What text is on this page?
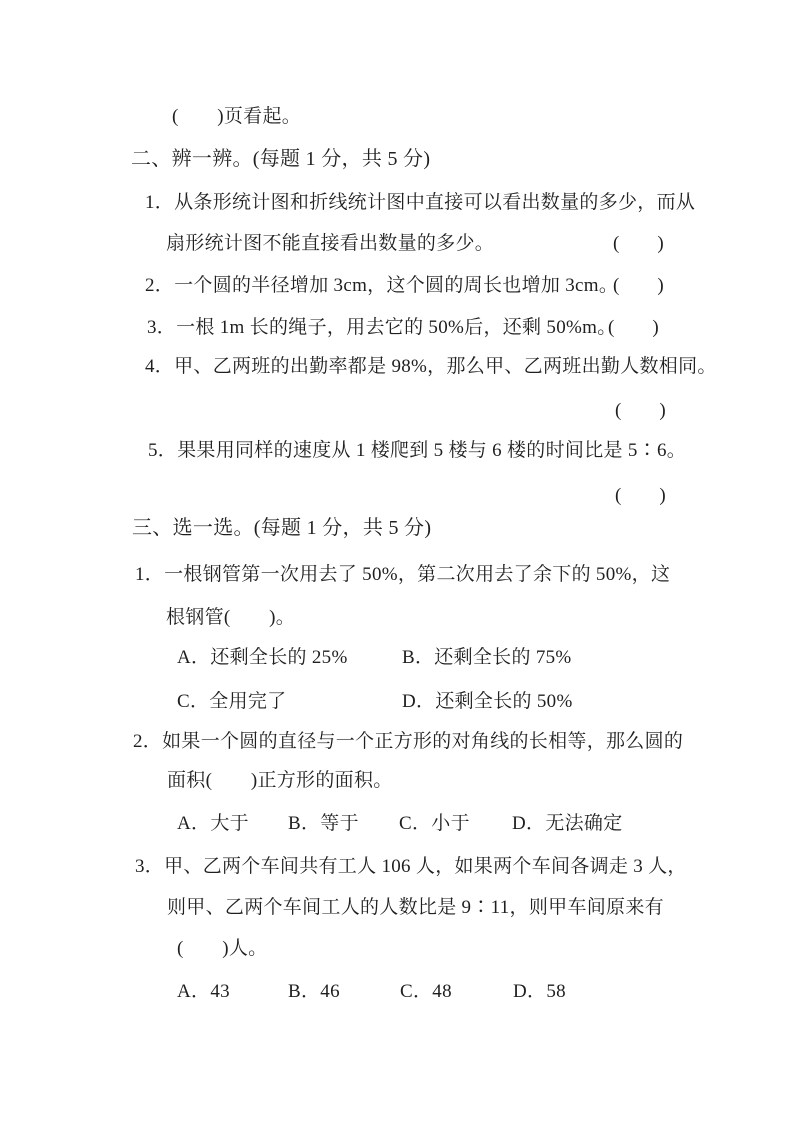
(　　)页看起。
二、辨一辨。(每题 1 分，共 5 分)
1．从条形统计图和折线统计图中直接可以看出数量的多少，而从
扇形统计图不能直接看出数量的多少。	(　　)
2．一个圆的半径增加 3cm，这个圆的周长也增加 3cm。
(　　)
3．一根 1m 长的绳子，用去它的 50%后，还剩 50%m。
(　　)
4．甲、乙两班的出勤率都是 98%，那么甲、乙两班出勤人数相同。
(　　)
5．果果用同样的速度从 1 楼爬到 5 楼与 6 楼的时间比是 5∶6。
(　　)
三、选一选。(每题 1 分，共 5 分)
1．一根钢管第一次用去了 50%，第二次用去了余下的 50%，这
根钢管(　　)。
A．还剩全长的 25%	B．还剩全长的 75%
C．全用完了	D．还剩全长的 50%
2．如果一个圆的直径与一个正方形的对角线的长相等，那么圆的
面积(　　)正方形的面积。
A．大于 B．等于 C．小于 D．无法确定
3．甲、乙两个车间共有工人 106 人，如果两个车间各调走 3 人，
则甲、乙两个车间工人的人数比是 9∶11，则甲车间原来有
(　　)人。
A．43	B．46	C．48	D．58
